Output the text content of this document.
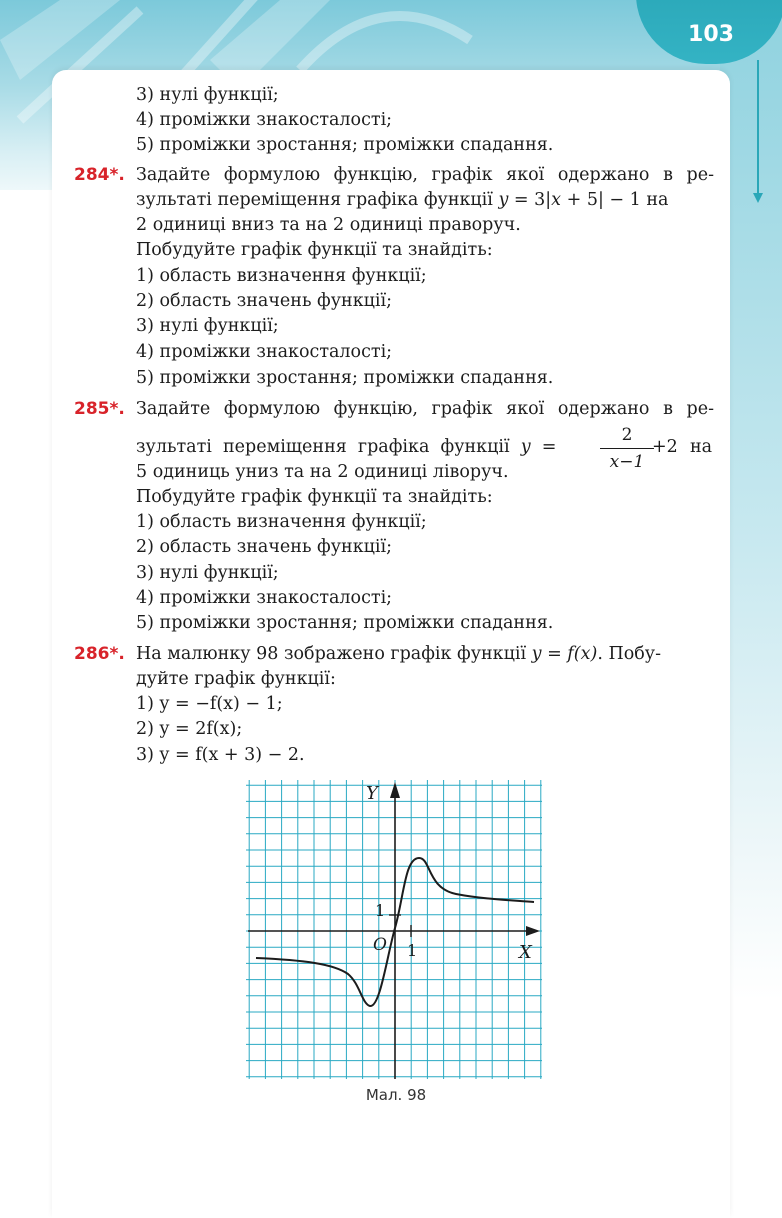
103
3) нулі функції;
4) проміжки знакосталості;
5) проміжки зростання; проміжки спадання.
284*. Задайте формулою функцію, графік якої одержано в ре-
зультаті переміщення графіка функції y = 3|x + 5| − 1 на
2 одиниці вниз та на 2 одиниці праворуч.
Побудуйте графік функції та знайдіть:
1) область визначення функції;
2) область значень функції;
3) нулі функції;
4) проміжки знакосталості;
5) проміжки зростання; проміжки спадання.
285*. Задайте формулою функцію, графік якої одержано в ре-
зультаті  переміщення  графіка  функції  y  =
2
x−1
+2 на
5 одиниць униз та на 2 одиниці ліворуч.
Побудуйте графік функції та знайдіть:
1) область визначення функції;
2) область значень функції;
3) нулі функції;
4) проміжки знакосталості;
5) проміжки зростання; проміжки спадання.
286*. На малюнку 98 зображено графік функції y = f(x). Побу-
дуйте графік функції:
1) y = −f(x) − 1;
2) y = 2f(x);
3) y = f(x + 3) − 2.
Y
X
O 1
1
Мал. 98
